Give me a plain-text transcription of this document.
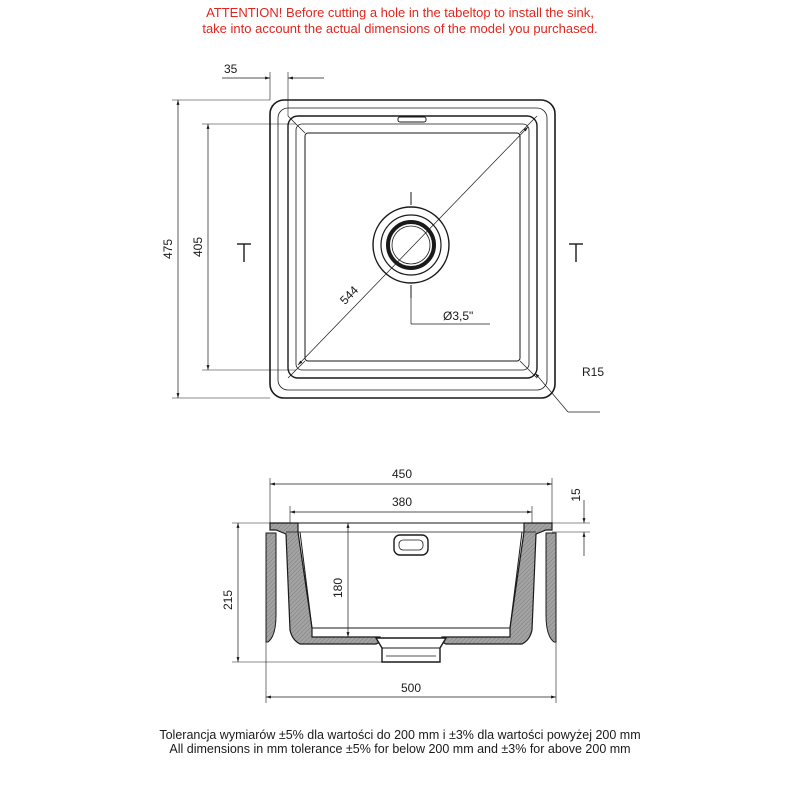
ATTENTION! Before cutting a hole in the tabeltop to install the sink,
take into account the actual dimensions of the model you purchased.
35
475 405
544
Ø3,5"
R15
450
380	15
215
180
500
Tolerancja wymiarów ±5% dla wartości do 200 mm i ±3% dla wartości powyżej 200 mm
All dimensions in mm tolerance ±5% for below 200 mm and ±3% for above 200 mm
